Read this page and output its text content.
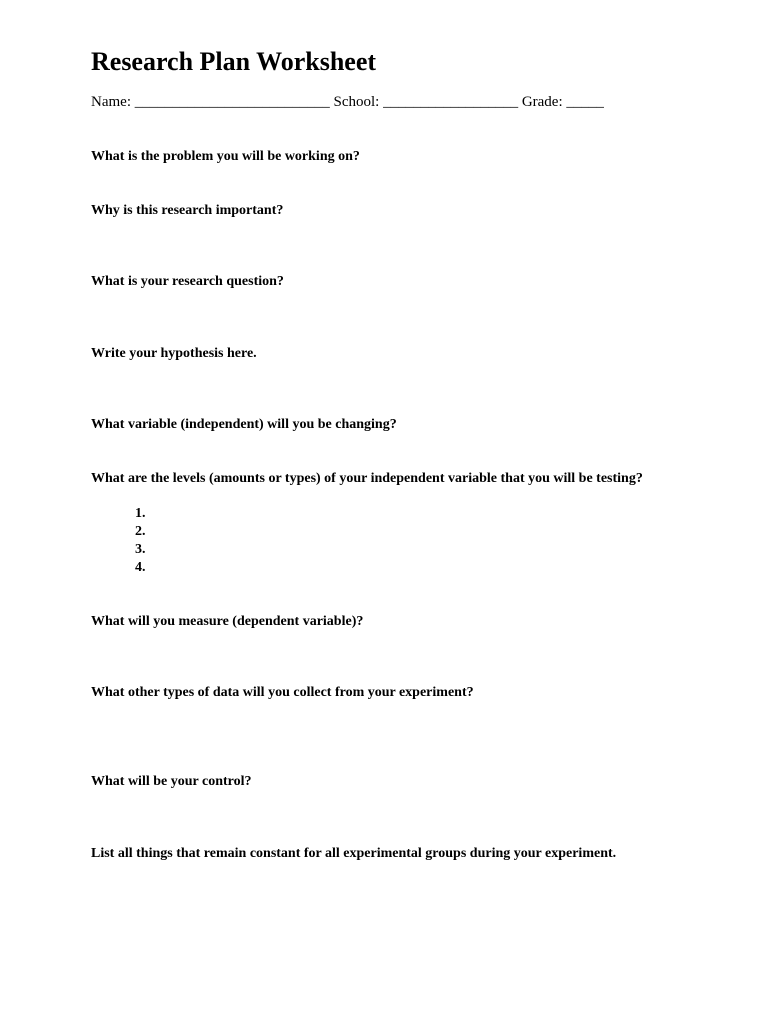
Research Plan Worksheet
Name: __________________________ School: __________________ Grade: _____
What is the problem you will be working on?
Why is this research important?
What is your research question?
Write your hypothesis here.
What variable (independent) will you be changing?
What are the levels (amounts or types) of your independent variable that you will be testing?
1.
2.
3.
4.
What will you measure (dependent variable)?
What other types of data will you collect from your experiment?
What will be your control?
List all things that remain constant for all experimental groups during your experiment.
